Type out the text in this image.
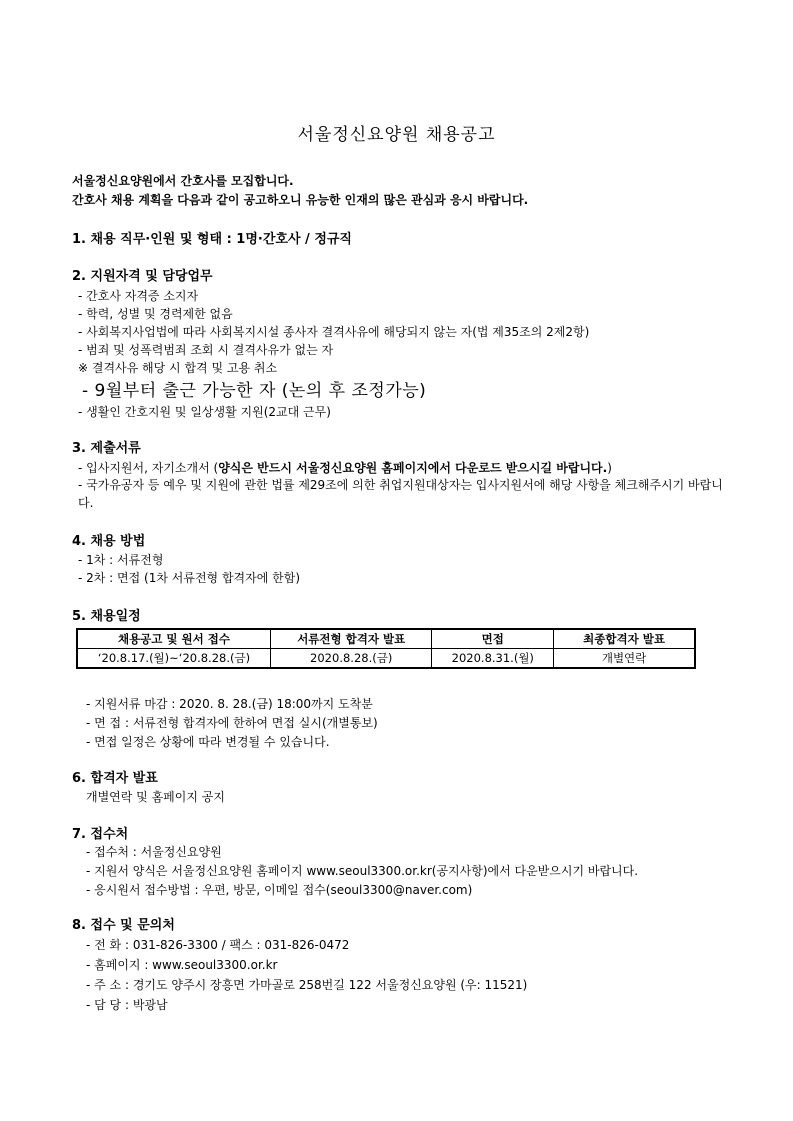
서울정신요양원 채용공고
서울정신요양원에서 간호사를 모집합니다.
간호사 채용 계획을 다음과 같이 공고하오니 유능한 인재의 많은 관심과 응시 바랍니다.
1. 채용 직무·인원 및 형태 : 1명·간호사 / 정규직
2. 지원자격 및 담당업무
- 간호사 자격증 소지자
- 학력, 성별 및 경력제한 없음
- 사회복지사업법에 따라 사회복지시설 종사자 결격사유에 해당되지 않는 자(법 제35조의 2제2항)
- 범죄 및 성폭력범죄 조회 시 결격사유가 없는 자
※ 결격사유 해당 시 합격 및 고용 취소
- 9월부터 출근 가능한 자 (논의 후 조정가능)
- 생활인 간호지원 및 일상생활 지원(2교대 근무)
3. 제출서류
- 입사지원서, 자기소개서 (양식은 반드시 서울정신요양원 홈페이지에서 다운로드 받으시길 바랍니다.)
- 국가유공자 등 예우 및 지원에 관한 법률 제29조에 의한 취업지원대상자는 입사지원서에 해당 사항을 체크해주시기 바랍니다.
4. 채용 방법
- 1차 : 서류전형
- 2차 : 면접 (1차 서류전형 합격자에 한함)
5. 채용일정
채용공고 및 원서 접수	서류전형 합격자 발표	면접	최종합격자 발표
‘20.8.17.(월)~‘20.8.28.(금)	2020.8.28.(금)	2020.8.31.(월)	개별연락
- 지원서류 마감 : 2020. 8. 28.(금) 18:00까지 도착분
- 면 접 : 서류전형 합격자에 한하여 면접 실시(개별통보)
- 면접 일정은 상황에 따라 변경될 수 있습니다.
6. 합격자 발표
개별연락 및 홈페이지 공지
7. 접수처
- 접수처 : 서울정신요양원
- 지원서 양식은 서울정신요양원 홈페이지 www.seoul3300.or.kr(공지사항)에서 다운받으시기 바랍니다.
- 응시원서 접수방법 : 우편, 방문, 이메일 접수(seoul3300@naver.com)
8. 접수 및 문의처
- 전 화 : 031-826-3300 / 팩스 : 031-826-0472
- 홈페이지 : www.seoul3300.or.kr
- 주 소 : 경기도 양주시 장흥면 가마골로 258번길 122 서울정신요양원 (우: 11521)
- 담 당 : 박광남
